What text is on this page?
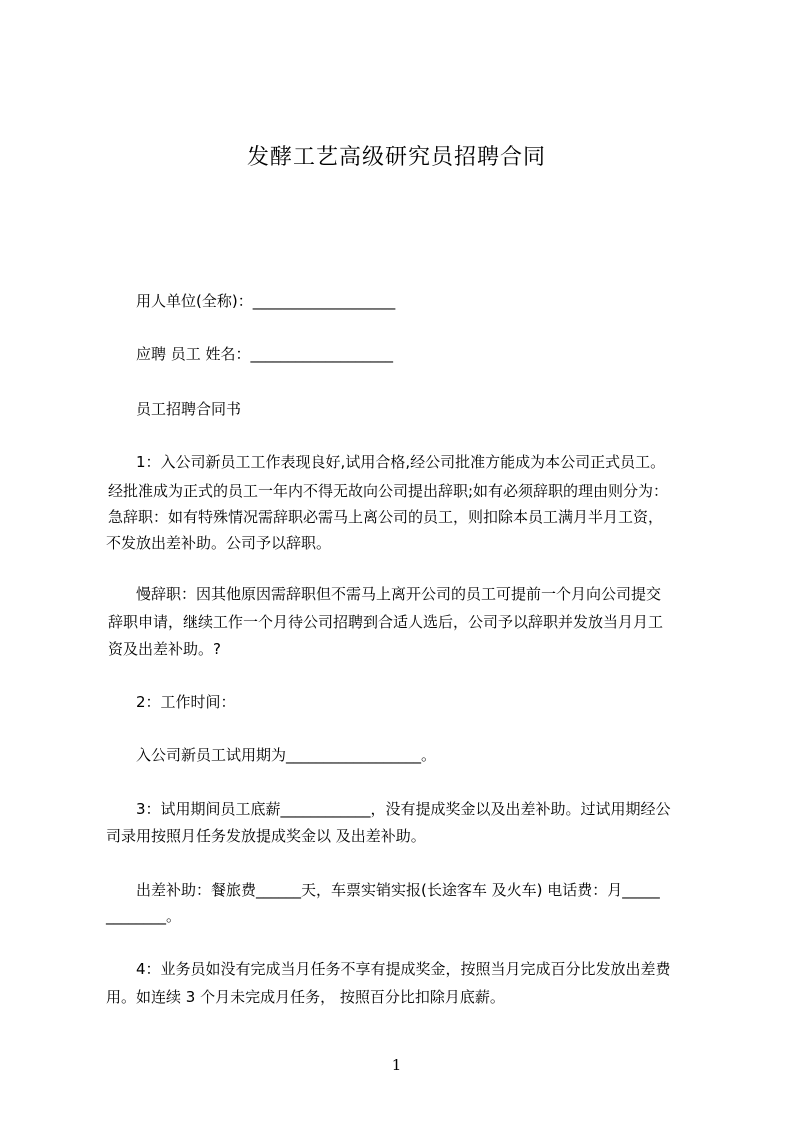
发酵工艺高级研究员招聘合同
用人单位(全称)：___________________
应聘 员工 姓名：___________________
员工招聘合同书
1：入公司新员工工作表现良好,试用合格,经公司批准方能成为本公司正式员工。
经批准成为正式的员工一年内不得无故向公司提出辞职;如有必须辞职的理由则分为：
急辞职：如有特殊情况需辞职必需马上离公司的员工，则扣除本员工满月半月工资，
不发放出差补助。公司予以辞职。
慢辞职：因其他原因需辞职但不需马上离开公司的员工可提前一个月向公司提交
辞职申请，继续工作一个月待公司招聘到合适人选后，公司予以辞职并发放当月月工
资及出差补助。?
2：工作时间：
入公司新员工试用期为__________________。
3：试用期间员工底薪____________，没有提成奖金以及出差补助。过试用期经公
司录用按照月任务发放提成奖金以 及出差补助。
出差补助：餐旅费______天，车票实销实报(长途客车 及火车) 电话费：月_____
________。
4：业务员如没有完成当月任务不享有提成奖金，按照当月完成百分比发放出差费
用。如连续 3 个月未完成月任务， 按照百分比扣除月底薪。
1
